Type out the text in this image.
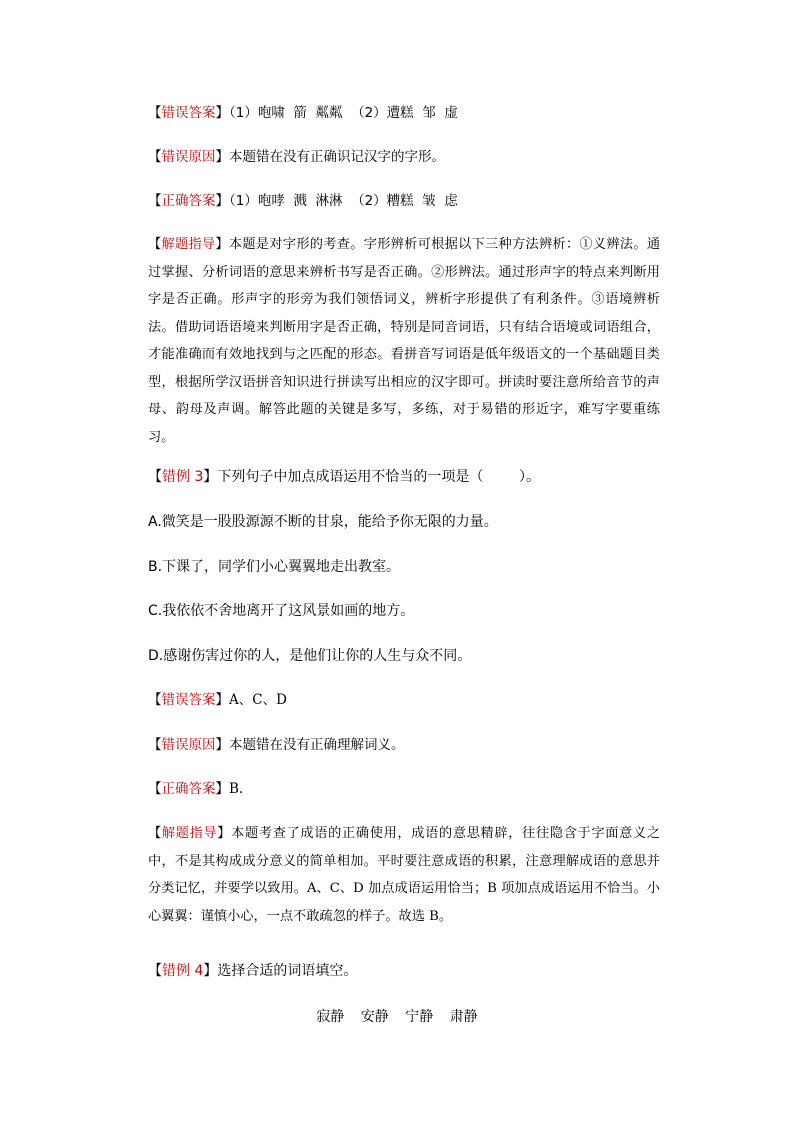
【错误答案】（1）咆啸  箭  粼粼  （2）遭糕  邹  虚
【错误原因】本题错在没有正确识记汉字的字形。
【正确答案】（1）咆哮  溅  淋淋  （2）糟糕  皱  虑
【解题指导】本题是对字形的考查。字形辨析可根据以下三种方法辨析：①义辨法。通过掌握、分析词语的意思来辨析书写是否正确。②形辨法。通过形声字的特点来判断用字是否正确。形声字的形旁为我们领悟词义，辨析字形提供了有利条件。③语境辨析法。借助词语语境来判断用字是否正确，特别是同音词语，只有结合语境或词语组合，才能准确而有效地找到与之匹配的形态。看拼音写词语是低年级语文的一个基础题目类型，根据所学汉语拼音知识进行拼读写出相应的汉字即可。拼读时要注意所给音节的声母、韵母及声调。解答此题的关键是多写，多练，对于易错的形近字，难写字要重练习。
【错例 3】下列句子中加点成语运用不恰当的一项是（        ）。
A.微笑是一股股源源不断的甘泉，能给予你无限的力量。
B.下课了，同学们小心翼翼地走出教室。
C.我依依不舍地离开了这风景如画的地方。
D.感谢伤害过你的人，是他们让你的人生与众不同。
【错误答案】A、C、D
【错误原因】本题错在没有正确理解词义。
【正确答案】B.
【解题指导】本题考查了成语的正确使用，成语的意思精辟，往往隐含于字面意义之中，不是其构成成分意义的简单相加。平时要注意成语的积累，注意理解成语的意思并分类记忆，并要学以致用。A、C、D 加点成语运用恰当；B 项加点成语运用不恰当。小心翼翼：谨慎小心，一点不敢疏忽的样子。故选 B。
【错例 4】选择合适的词语填空。
寂静 安静 宁静 肃静
